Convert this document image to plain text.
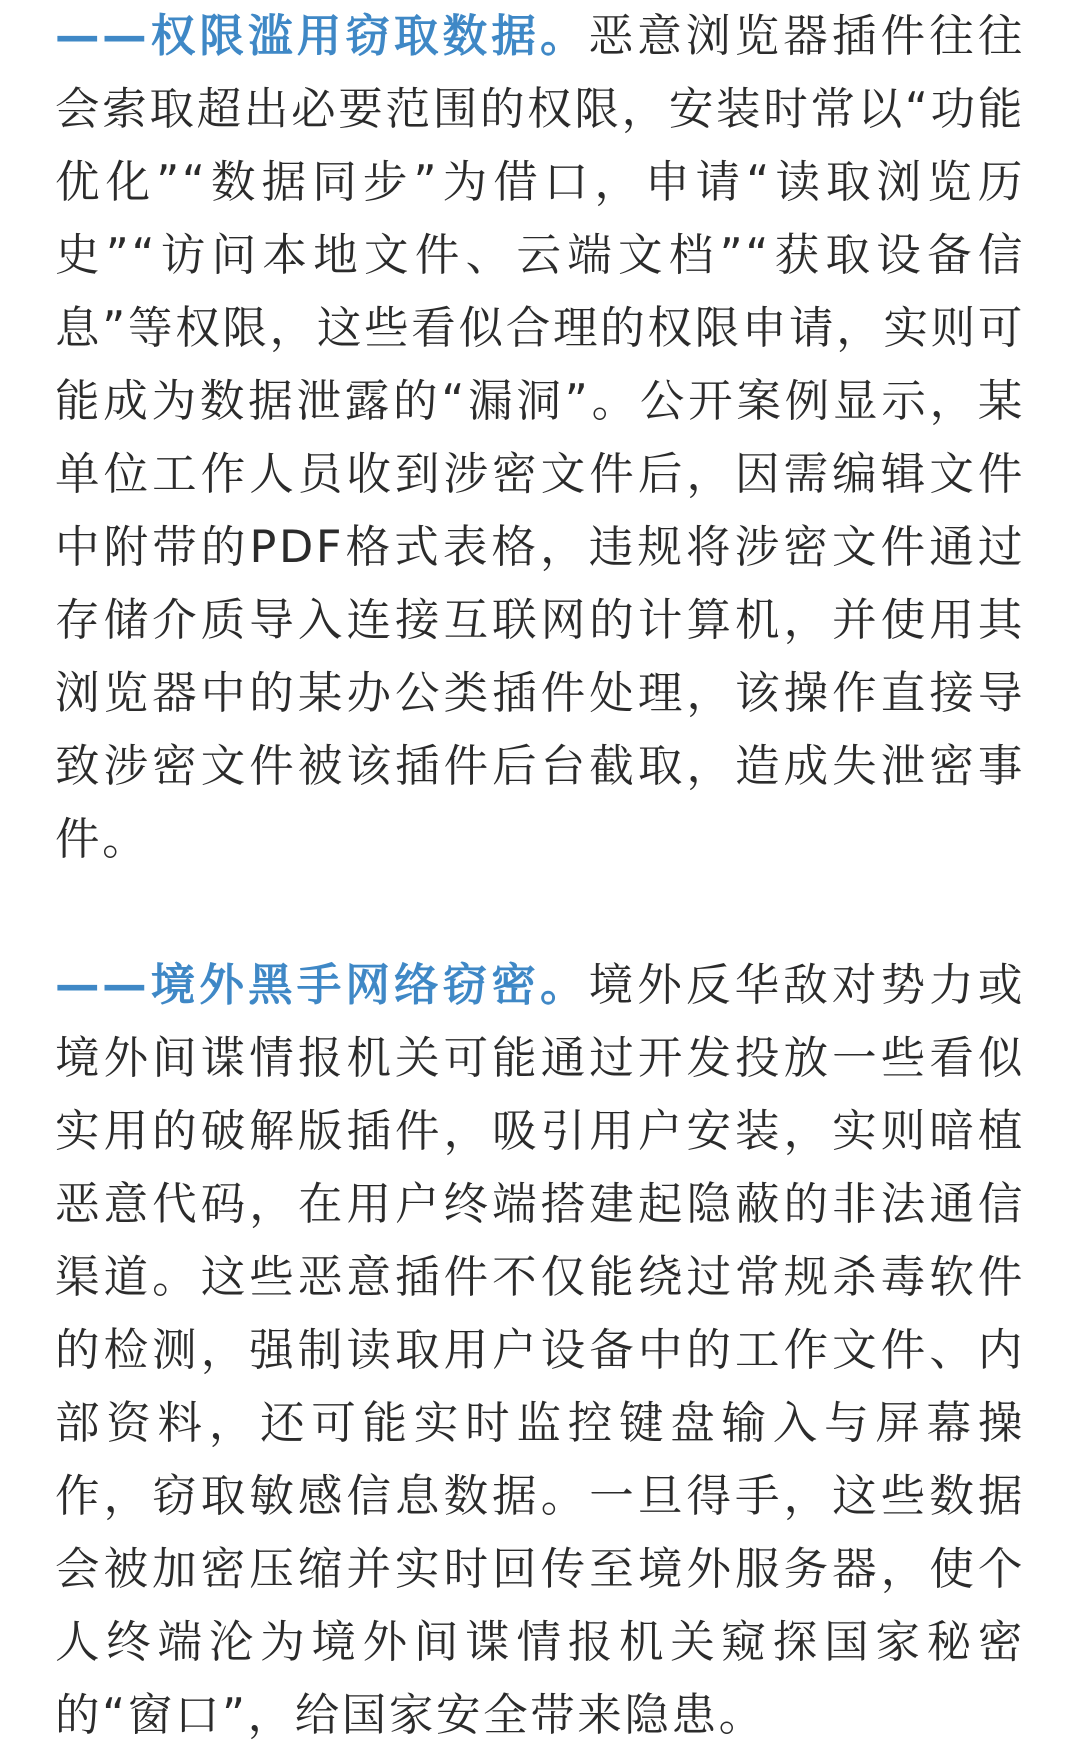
——权限滥用窃取数据。恶意浏览器插件往往会索取超出必要范围的权限，安装时常以“功能优化”“数据同步”为借口，申请“读取浏览历史”“访问本地文件、云端文档”“获取设备信息”等权限，这些看似合理的权限申请，实则可能成为数据泄露的“漏洞”。公开案例显示，某单位工作人员收到涉密文件后，因需编辑文件中附带的PDF格式表格，违规将涉密文件通过存储介质导入连接互联网的计算机，并使用其浏览器中的某办公类插件处理，该操作直接导致涉密文件被该插件后台截取，造成失泄密事件。

——境外黑手网络窃密。境外反华敌对势力或境外间谍情报机关可能通过开发投放一些看似实用的破解版插件，吸引用户安装，实则暗植恶意代码，在用户终端搭建起隐蔽的非法通信渠道。这些恶意插件不仅能绕过常规杀毒软件的检测，强制读取用户设备中的工作文件、内部资料，还可能实时监控键盘输入与屏幕操作，窃取敏感信息数据。一旦得手，这些数据会被加密压缩并实时回传至境外服务器，使个人终端沦为境外间谍情报机关窥探国家秘密的“窗口”，给国家安全带来隐患。
